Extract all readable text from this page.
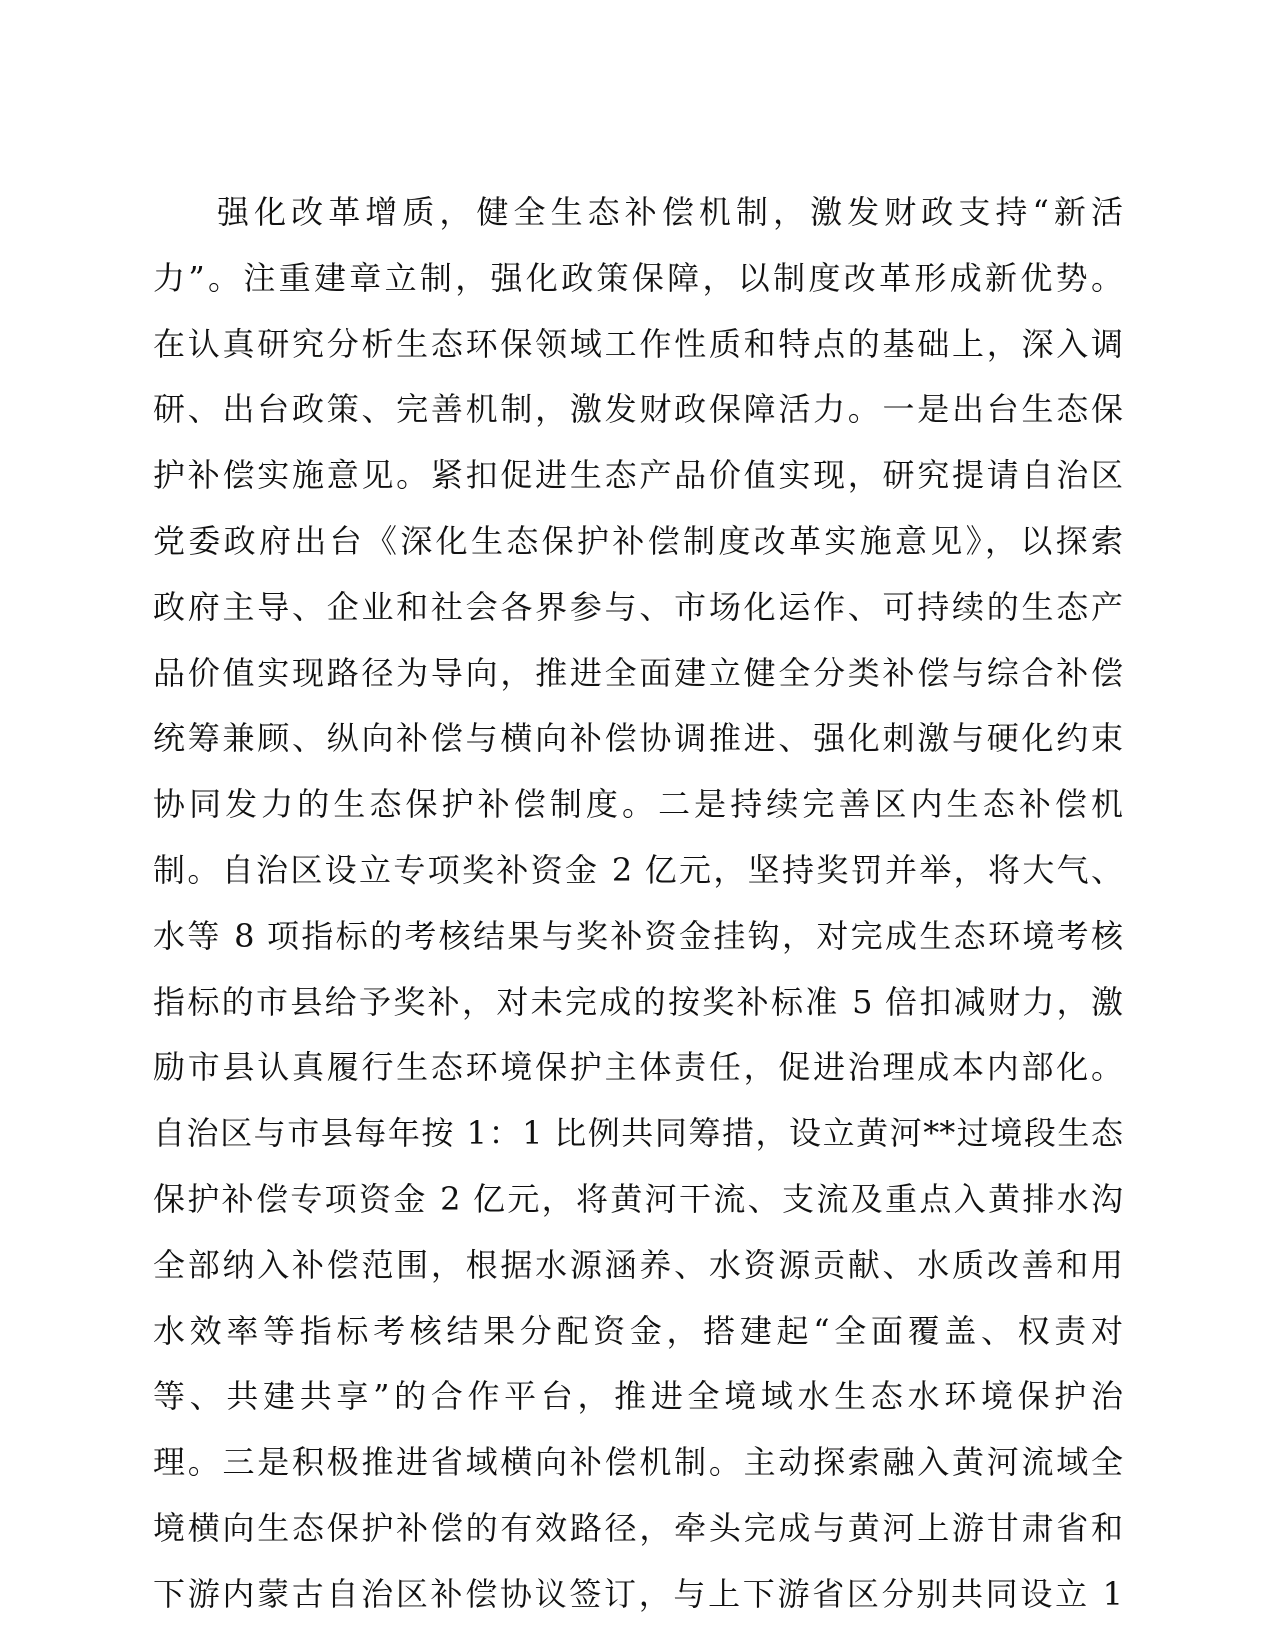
强化改革增质，健全生态补偿机制，激发财政支持“新活
力”。注重建章立制，强化政策保障，以制度改革形成新优势。
在认真研究分析生态环保领域工作性质和特点的基础上，深入调
研、出台政策、完善机制，激发财政保障活力。一是出台生态保
护补偿实施意见。紧扣促进生态产品价值实现，研究提请自治区
党委政府出台《深化生态保护补偿制度改革实施意见》，以探索
政府主导、企业和社会各界参与、市场化运作、可持续的生态产
品价值实现路径为导向，推进全面建立健全分类补偿与综合补偿
统筹兼顾、纵向补偿与横向补偿协调推进、强化刺激与硬化约束
协同发力的生态保护补偿制度。二是持续完善区内生态补偿机
制。自治区设立专项奖补资金 2 亿元，坚持奖罚并举，将大气、
水等 8 项指标的考核结果与奖补资金挂钩，对完成生态环境考核
指标的市县给予奖补，对未完成的按奖补标准 5 倍扣减财力，激
励市县认真履行生态环境保护主体责任，促进治理成本内部化。
自治区与市县每年按 1：1 比例共同筹措，设立黄河**过境段生态
保护补偿专项资金 2 亿元，将黄河干流、支流及重点入黄排水沟
全部纳入补偿范围，根据水源涵养、水资源贡献、水质改善和用
水效率等指标考核结果分配资金，搭建起“全面覆盖、权责对
等、共建共享”的合作平台，推进全境域水生态水环境保护治
理。三是积极推进省域横向补偿机制。主动探索融入黄河流域全
境横向生态保护补偿的有效路径，牵头完成与黄河上游甘肃省和
下游内蒙古自治区补偿协议签订，与上下游省区分别共同设立 1
